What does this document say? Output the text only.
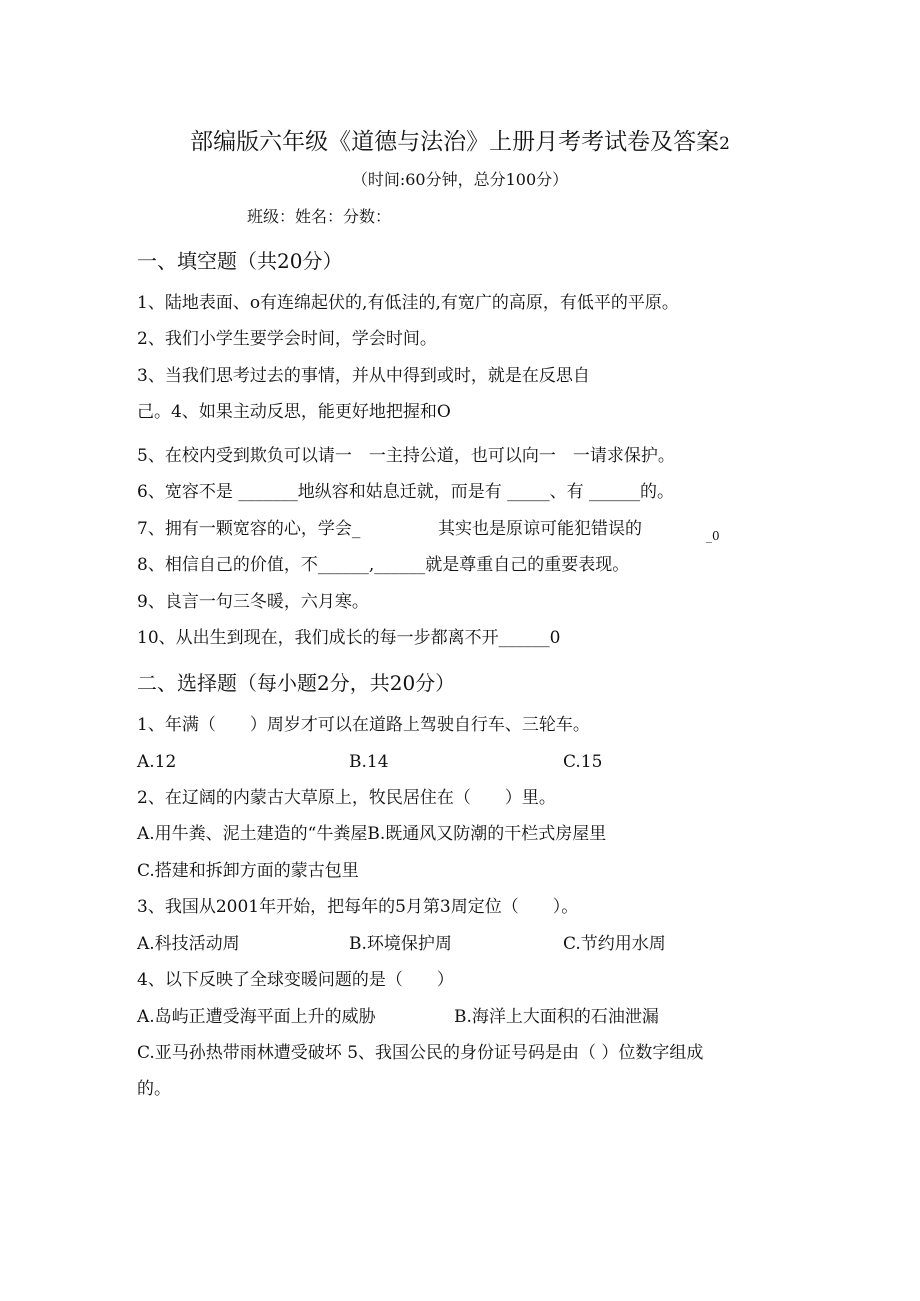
部编版六年级《道德与法治》上册月考考试卷及答案2
（时间:60分钟，总分100分）
班级：姓名：分数：
一、填空题（共20分）
1、陆地表面、o有连绵起伏的,有低洼的,有宽广的高原，有低平的平原。
2、我们小学生要学会时间，学会时间。
3、当我们思考过去的事情，并从中得到或时，就是在反思自
己。4、如果主动反思，能更好地把握和O
5、在校内受到欺负可以请一　一主持公道，也可以向一　一请求保护。
6、宽容不是 _______地纵容和姑息迁就，而是有 _____、有 ______的。
7、拥有一颗宽容的心，学会_	其实也是原谅可能犯错误的	_0
8、相信自己的价值，不______,______就是尊重自己的重要表现。
9、良言一句三冬暖，六月寒。
10、从出生到现在，我们成长的每一步都离不开______0
二、选择题（每小题2分，共20分）
1、年满（　　）周岁才可以在道路上驾驶自行车、三轮车。
A.12	B.14	C.15
2、在辽阔的内蒙古大草原上，牧民居住在（　　）里。
A.用牛粪、泥土建造的“牛粪屋B.既通风又防潮的干栏式房屋里
C.搭建和拆卸方面的蒙古包里
3、我国从2001年开始，把每年的5月第3周定位（　　）。
A.科技活动周	B.环境保护周	C.节约用水周
4、以下反映了全球变暖问题的是（　　）
A.岛屿正遭受海平面上升的威胁	B.海洋上大面积的石油泄漏
C.亚马孙热带雨林遭受破坏 5、我国公民的身份证号码是由（ ）位数字组成
的。
